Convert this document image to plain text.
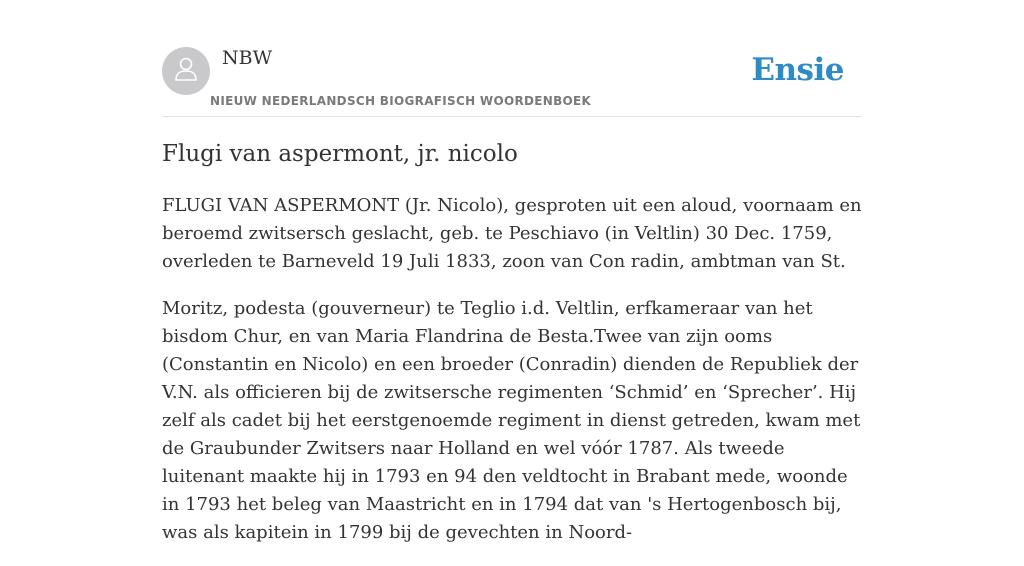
NBW
NIEUW NEDERLANDSCH BIOGRAFISCH WOORDENBOEK
Ensie
Flugi van aspermont, jr. nicolo

FLUGI VAN ASPERMONT (Jr. Nicolo), gesproten uit een aloud, voornaam en beroemd zwitsersch geslacht, geb. te Peschiavo (in Veltlin) 30 Dec. 1759, overleden te Barneveld 19 Juli 1833, zoon van Con radin, ambtman van St.

Moritz, podesta (gouverneur) te Teglio i.d. Veltlin, erfkameraar van het bisdom Chur, en van Maria Flandrina de Besta.Twee van zijn ooms (Constantin en Nicolo) en een broeder (Conradin) dienden de Republiek der V.N. als officieren bij de zwitsersche regimenten ‘Schmid’ en ‘Sprecher’. Hij zelf als cadet bij het eerstgenoemde regiment in dienst getreden, kwam met de Graubunder Zwitsers naar Holland en wel vóór 1787. Als tweede luitenant maakte hij in 1793 en 94 den veldtocht in Brabant mede, woonde in 1793 het beleg van Maastricht en in 1794 dat van 's Hertogenbosch bij, was als kapitein in 1799 bij de gevechten in Noord-
